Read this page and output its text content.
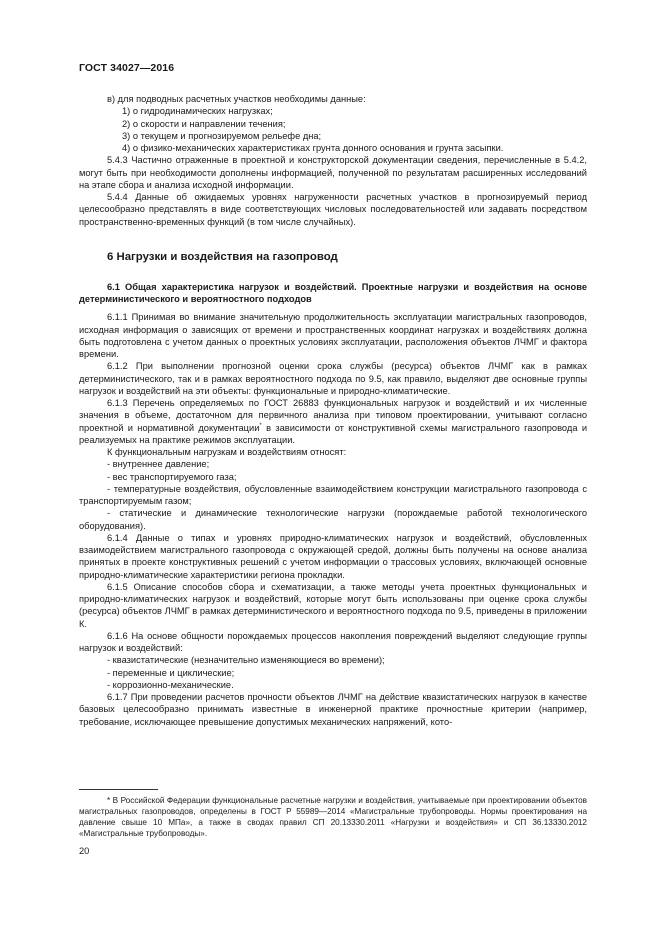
ГОСТ 34027—2016

в) для подводных расчетных участков необходимы данные:

1) о гидродинамических нагрузках;

2) о скорости и направлении течения;

3) о текущем и прогнозируемом рельефе дна;

4) о физико-механических характеристиках грунта донного основания и грунта засыпки.

5.4.3 Частично отраженные в проектной и конструкторской документации сведения, перечисленные в 5.4.2, могут быть при необходимости дополнены информацией, полученной по результатам расширенных исследований на этапе сбора и анализа исходной информации.

5.4.4 Данные об ожидаемых уровнях нагруженности расчетных участков в прогнозируемый период целесообразно представлять в виде соответствующих числовых последовательностей или задавать посредством пространственно-временных функций (в том числе случайных).

6 Нагрузки и воздействия на газопровод

6.1 Общая характеристика нагрузок и воздействий. Проектные нагрузки и воздействия на основе детерминистического и вероятностного подходов

6.1.1 Принимая во внимание значительную продолжительность эксплуатации магистральных газопроводов, исходная информация о зависящих от времени и пространственных координат нагрузках и воздействиях должна быть подготовлена с учетом данных о проектных условиях эксплуатации, расположения объектов ЛЧМГ и фактора времени.

6.1.2 При выполнении прогнозной оценки срока службы (ресурса) объектов ЛЧМГ как в рамках детерминистического, так и в рамках вероятностного подхода по 9.5, как правило, выделяют две основные группы нагрузок и воздействий на эти объекты: функциональные и природно-климатические.

6.1.3 Перечень определяемых по ГОСТ 26883 функциональных нагрузок и воздействий и их численные значения в объеме, достаточном для первичного анализа при типовом проектировании, учитывают согласно проектной и нормативной документации* в зависимости от конструктивной схемы магистрального газопровода и реализуемых на практике режимов эксплуатации.

К функциональным нагрузкам и воздействиям относят:

- внутреннее давление;

- вес транспортируемого газа;

- температурные воздействия, обусловленные взаимодействием конструкции магистрального газопровода с транспортируемым газом;

- статические и динамические технологические нагрузки (порождаемые работой технологического оборудования).

6.1.4 Данные о типах и уровнях природно-климатических нагрузок и воздействий, обусловленных взаимодействием магистрального газопровода с окружающей средой, должны быть получены на основе анализа принятых в проекте конструктивных решений с учетом информации о трассовых условиях, включающей основные природно-климатические характеристики региона прокладки.

6.1.5 Описание способов сбора и схематизации, а также методы учета проектных функциональных и природно-климатических нагрузок и воздействий, которые могут быть использованы при оценке срока службы (ресурса) объектов ЛЧМГ в рамках детерминистического и вероятностного подхода по 9.5, приведены в приложении К.

6.1.6 На основе общности порождаемых процессов накопления повреждений выделяют следующие группы нагрузок и воздействий:

- квазистатические (незначительно изменяющиеся во времени);

- переменные и циклические;

- коррозионно-механические.

6.1.7 При проведении расчетов прочности объектов ЛЧМГ на действие квазистатических нагрузок в качестве базовых целесообразно принимать известные в инженерной практике прочностные критерии (например, требование, исключающее превышение допустимых механических напряжений, кото-

* В Российской Федерации функциональные расчетные нагрузки и воздействия, учитываемые при проектировании объектов магистральных газопроводов, определены в ГОСТ Р 55989—2014 «Магистральные трубопроводы. Нормы проектирования на давление свыше 10 МПа», а также в сводах правил СП 20.13330.2011 «Нагрузки и воздействия» и СП 36.13330.2012 «Магистральные трубопроводы».
20
